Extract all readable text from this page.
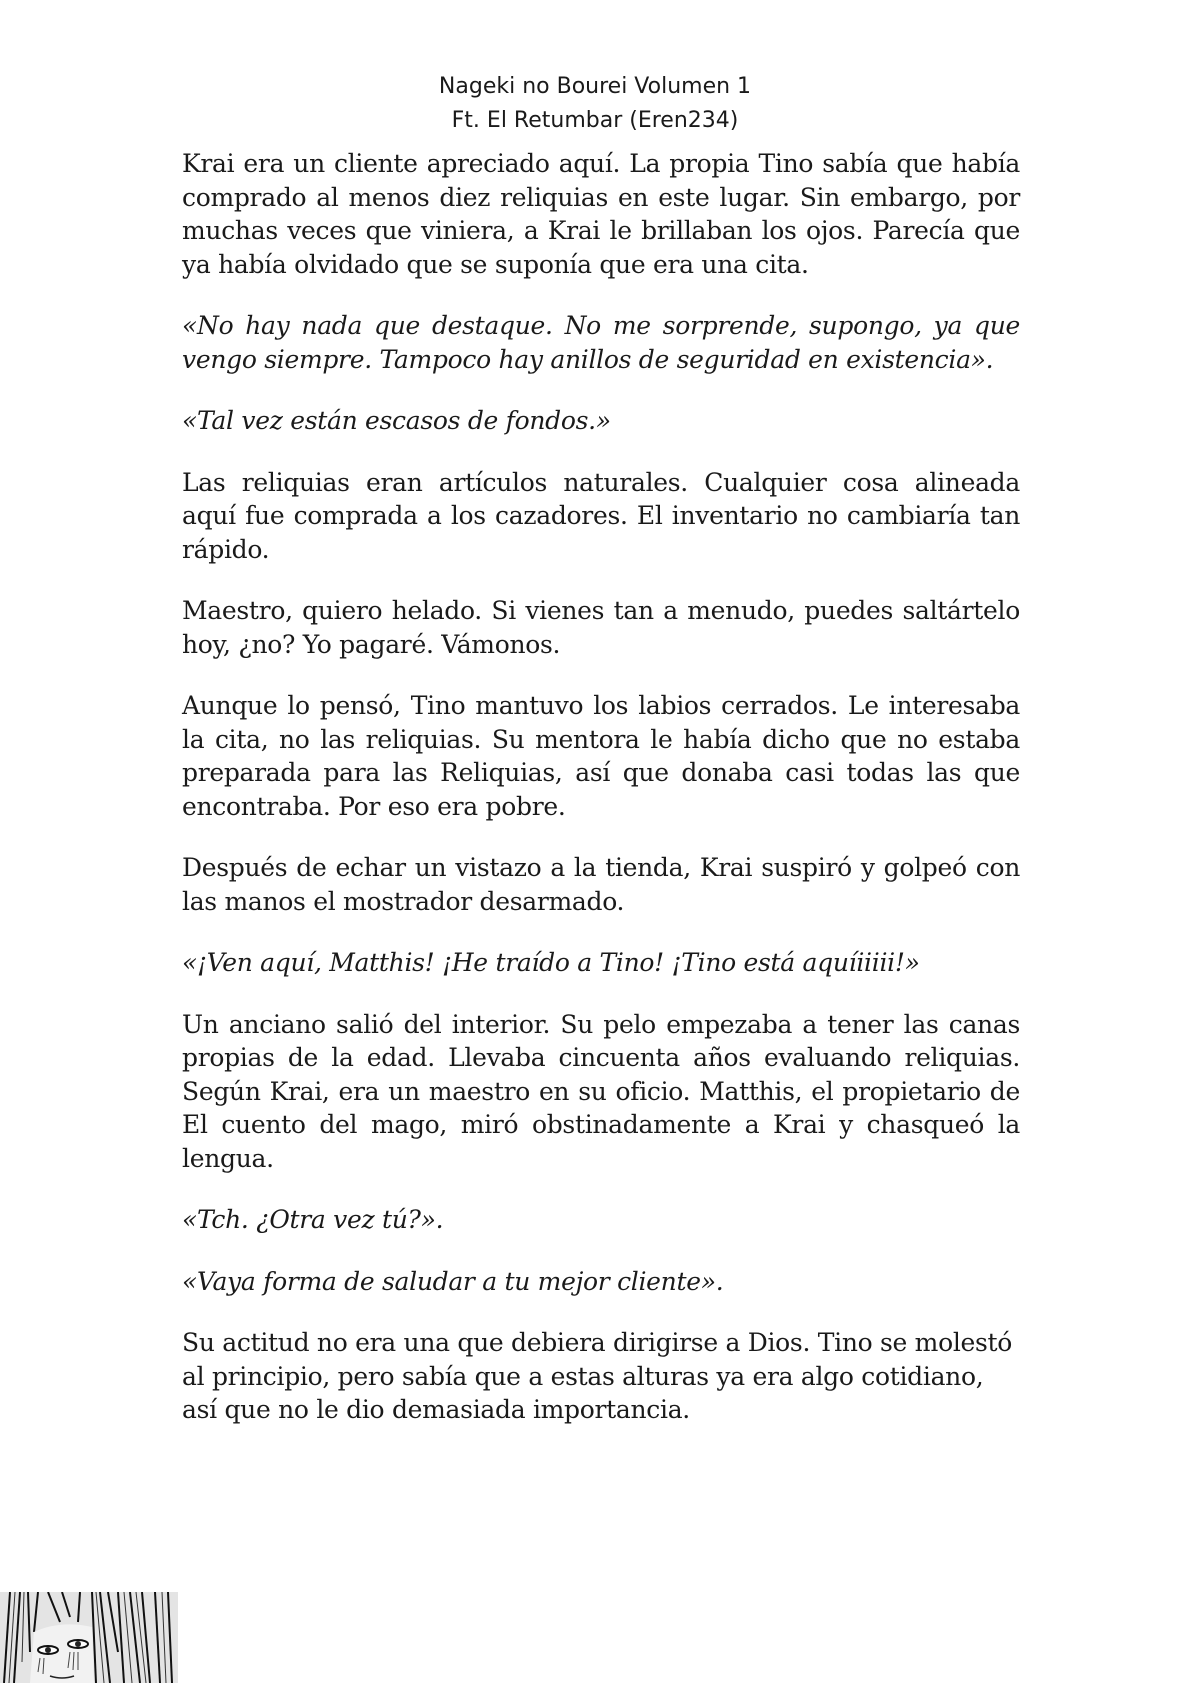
Nageki no Bourei Volumen 1
Ft. El Retumbar (Eren234)

Krai era un cliente apreciado aquí. La propia Tino sabía que había comprado al menos diez reliquias en este lugar. Sin embargo, por muchas veces que viniera, a Krai le brillaban los ojos. Parecía que ya había olvidado que se suponía que era una cita.

«No hay nada que destaque. No me sorprende, supongo, ya que vengo siempre. Tampoco hay anillos de seguridad en existencia».

«Tal vez están escasos de fondos.»

Las reliquias eran artículos naturales. Cualquier cosa alineada aquí fue comprada a los cazadores. El inventario no cambiaría tan rápido.

Maestro, quiero helado. Si vienes tan a menudo, puedes saltártelo hoy, ¿no? Yo pagaré. Vámonos.

Aunque lo pensó, Tino mantuvo los labios cerrados. Le interesaba la cita, no las reliquias. Su mentora le había dicho que no estaba preparada para las Reliquias, así que donaba casi todas las que encontraba. Por eso era pobre.

Después de echar un vistazo a la tienda, Krai suspiró y golpeó con las manos el mostrador desarmado.

«¡Ven aquí, Matthis! ¡He traído a Tino! ¡Tino está aquíiiiii!»

Un anciano salió del interior. Su pelo empezaba a tener las canas propias de la edad. Llevaba cincuenta años evaluando reliquias. Según Krai, era un maestro en su oficio. Matthis, el propietario de El cuento del mago, miró obstinadamente a Krai y chasqueó la lengua.

«Tch. ¿Otra vez tú?».

«Vaya forma de saludar a tu mejor cliente».

Su actitud no era una que debiera dirigirse a Dios. Tino se molestó al principio, pero sabía que a estas alturas ya era algo cotidiano, así que no le dio demasiada importancia.
